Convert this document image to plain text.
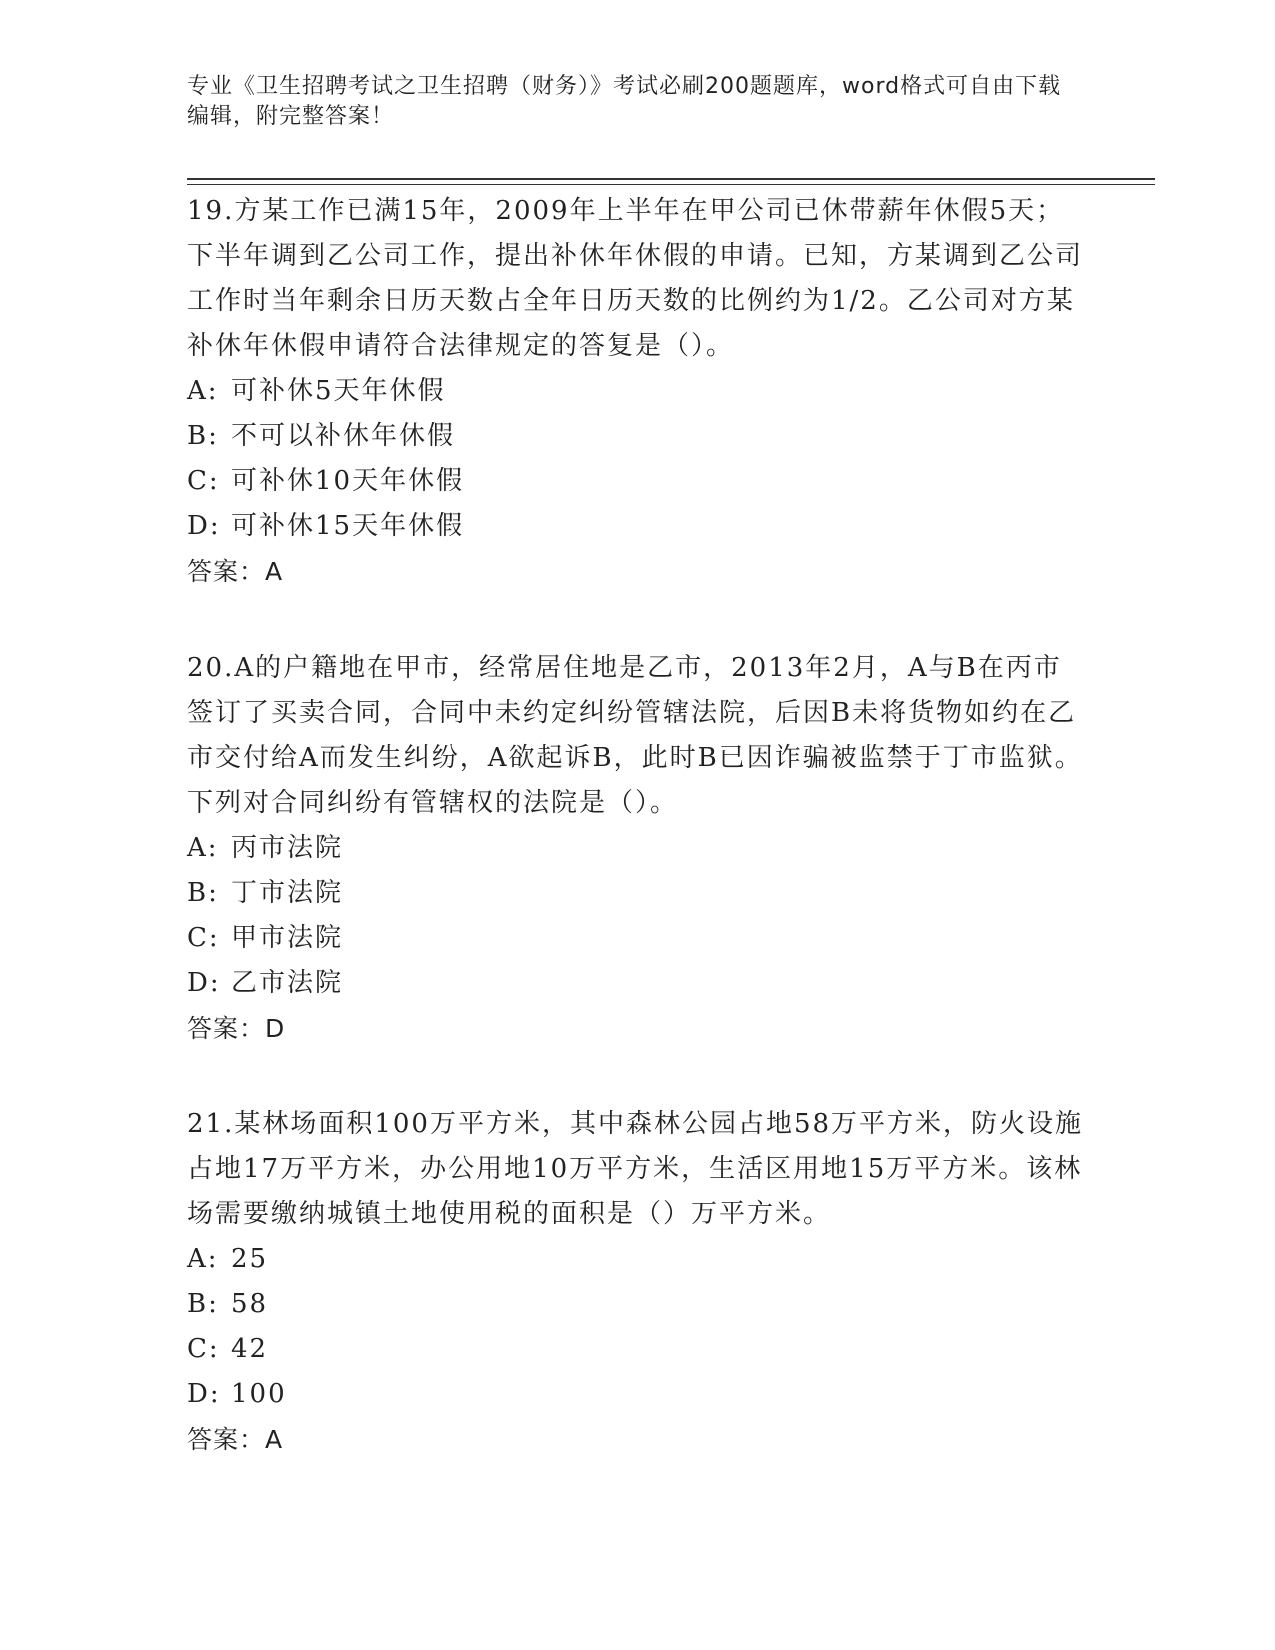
专业《卫生招聘考试之卫生招聘（财务）》考试必刷200题题库，word格式可自由下载编辑，附完整答案！

19.方某工作已满15年，2009年上半年在甲公司已休带薪年休假5天；下半年调到乙公司工作，提出补休年休假的申请。已知，方某调到乙公司工作时当年剩余日历天数占全年日历天数的比例约为1/2。乙公司对方某补休年休假申请符合法律规定的答复是（）。

A: 可补休5天年休假

B: 不可以补休年休假

C: 可补休10天年休假

D: 可补休15天年休假

答案：A

20.A的户籍地在甲市，经常居住地是乙市，2013年2月，A与B在丙市签订了买卖合同，合同中未约定纠纷管辖法院，后因B未将货物如约在乙市交付给A而发生纠纷，A欲起诉B，此时B已因诈骗被监禁于丁市监狱。下列对合同纠纷有管辖权的法院是（）。

A: 丙市法院

B: 丁市法院

C: 甲市法院

D: 乙市法院

答案：D

21.某林场面积100万平方米，其中森林公园占地58万平方米，防火设施占地17万平方米，办公用地10万平方米，生活区用地15万平方米。该林场需要缴纳城镇土地使用税的面积是（）万平方米。

A: 25

B: 58

C: 42

D: 100

答案：A
